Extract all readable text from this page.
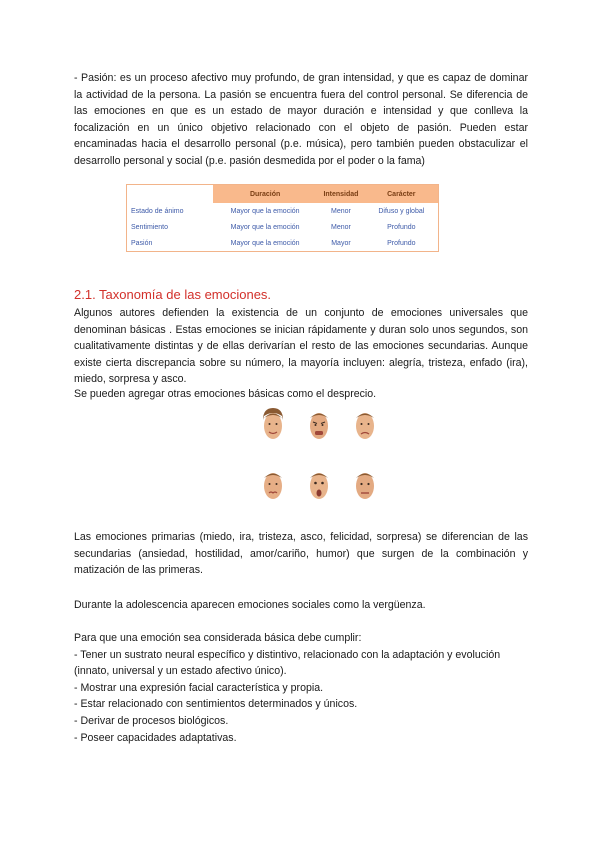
- Pasión: es un proceso afectivo muy profundo, de gran intensidad, y que es capaz de dominar la actividad de la persona. La pasión se encuentra fuera del control personal. Se diferencia de las emociones en que es un estado de mayor duración e intensidad y que conlleva la focalización en un único objetivo relacionado con el objeto de pasión. Pueden estar encaminadas hacia el desarrollo personal (p.e. música), pero también pueden obstaculizar el desarrollo personal y social (p.e. pasión desmedida por el poder o la fama)

	Duración	Intensidad	Carácter
Estado de ánimo	Mayor que la emoción	Menor	Difuso y global
Sentimiento	Mayor que la emoción	Menor	Profundo
Pasión	Mayor que la emoción	Mayor	Profundo
2.1. Taxonomía de las emociones.

Algunos autores defienden la existencia de un conjunto de emociones universales que denominan básicas . Estas emociones se inician rápidamente y duran solo unos segundos, son cualitativamente distintas y de ellas derivarían el resto de las emociones secundarias. Aunque existe cierta discrepancia sobre su número, la mayoría incluyen: alegría, tristeza, enfado (ira), miedo, sorpresa y asco.

Se pueden agregar otras emociones básicas como el desprecio.

Las emociones primarias (miedo, ira, tristeza, asco, felicidad, sorpresa) se diferencian de las secundarias (ansiedad, hostilidad, amor/cariño, humor) que surgen de la combinación y matización de las primeras.

Durante la adolescencia aparecen emociones sociales como la vergüenza.

Para que una emoción sea considerada básica debe cumplir:

- Tener un sustrato neural específico y distintivo, relacionado con la adaptación y evolución (innato, universal y un estado afectivo único).

- Mostrar una expresión facial característica y propia.

- Estar relacionado con sentimientos determinados y únicos.

- Derivar de procesos biológicos.

- Poseer capacidades adaptativas.
